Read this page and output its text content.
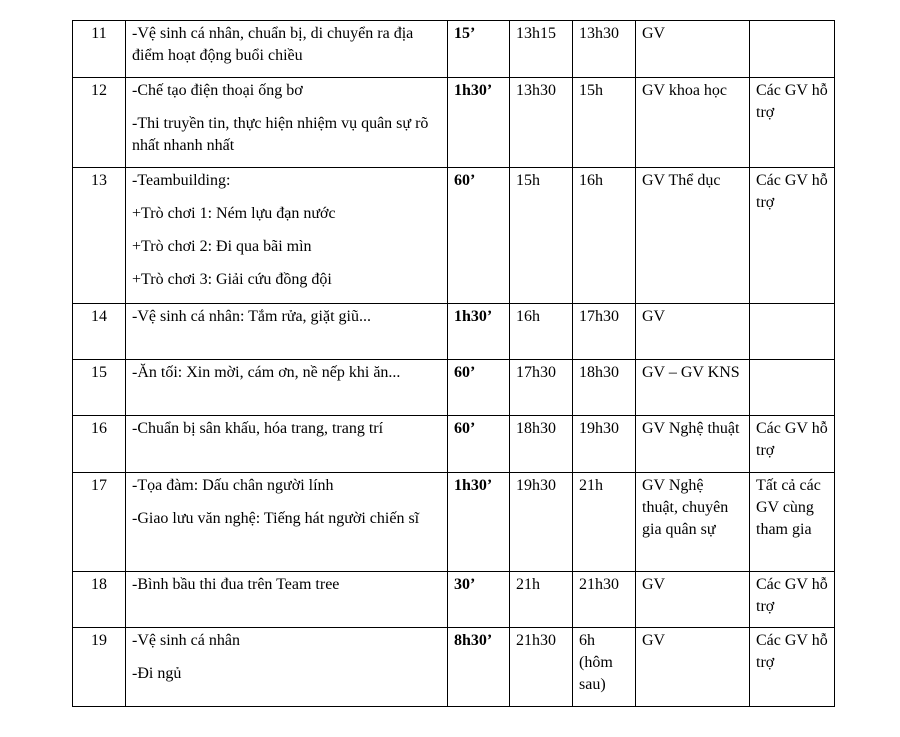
11	-Vệ sinh cá nhân, chuẩn bị, di chuyển ra địa điểm hoạt động buổi chiều	15’	13h15	13h30	GV	
12	-Chế tạo điện thoại ống bơ
-Thi truyền tin, thực hiện nhiệm vụ quân sự rõ nhất nhanh nhất	1h30’	13h30	15h	GV khoa học	Các GV hỗ trợ
13	-Teambuilding:
+Trò chơi 1: Ném lựu đạn nước
+Trò chơi 2: Đi qua bãi mìn
+Trò chơi 3: Giải cứu đồng đội	60’	15h	16h	GV Thể dục	Các GV hỗ trợ
14	-Vệ sinh cá nhân: Tắm rửa, giặt giũ...	1h30’	16h	17h30	GV	
15	-Ăn tối: Xin mời, cám ơn, nề nếp khi ăn...	60’	17h30	18h30	GV – GV KNS	
16	-Chuẩn bị sân khấu, hóa trang, trang trí	60’	18h30	19h30	GV Nghệ thuật	Các GV hỗ trợ
17	-Tọa đàm: Dấu chân người lính
-Giao lưu văn nghệ: Tiếng hát người chiến sĩ	1h30’	19h30	21h	GV Nghệ thuật, chuyên gia quân sự	Tất cả các GV cùng tham gia
18	-Bình bầu thi đua trên Team tree	30’	21h	21h30	GV	Các GV hỗ trợ
19	-Vệ sinh cá nhân
-Đi ngủ	8h30’	21h30	6h (hôm sau)	GV	Các GV hỗ trợ
